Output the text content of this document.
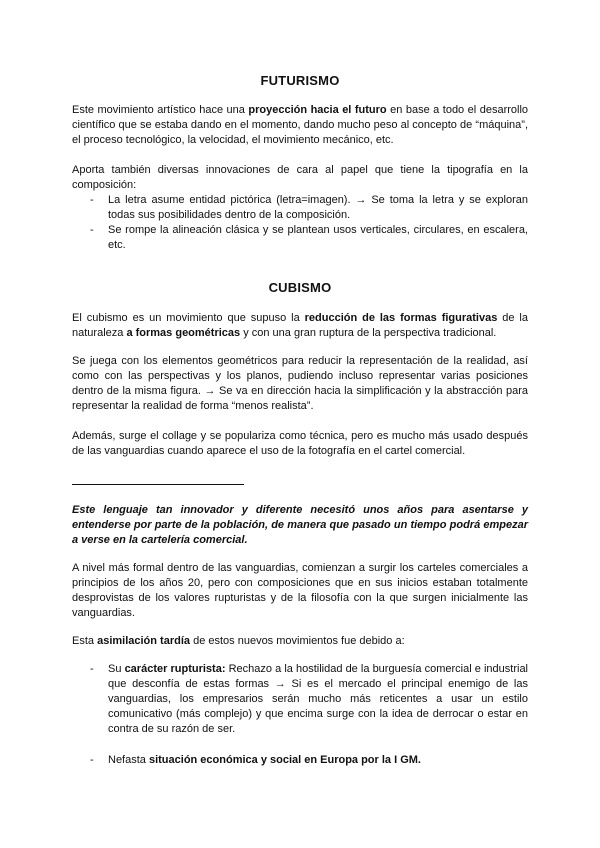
FUTURISMO

Este movimiento artístico hace una proyección hacia el futuro en base a todo el desarrollo científico que se estaba dando en el momento, dando mucho peso al concepto de “máquina”, el proceso tecnológico, la velocidad, el movimiento mecánico, etc.

Aporta también diversas innovaciones de cara al papel que tiene la tipografía en la composición:

- La letra asume entidad pictórica (letra=imagen). → Se toma la letra y se exploran todas sus posibilidades dentro de la composición.
- Se rompe la alineación clásica y se plantean usos verticales, circulares, en escalera, etc.
CUBISMO

El cubismo es un movimiento que supuso la reducción de las formas figurativas de la naturaleza a formas geométricas y con una gran ruptura de la perspectiva tradicional.

Se juega con los elementos geométricos para reducir la representación de la realidad, así como con las perspectivas y los planos, pudiendo incluso representar varias posiciones dentro de la misma figura. → Se va en dirección hacia la simplificación y la abstracción para representar la realidad de forma “menos realista”.

Además, surge el collage y se populariza como técnica, pero es mucho más usado después de las vanguardias cuando aparece el uso de la fotografía en el cartel comercial.

Este lenguaje tan innovador y diferente necesitó unos años para asentarse y entenderse por parte de la población, de manera que pasado un tiempo podrá empezar a verse en la cartelería comercial.

A nivel más formal dentro de las vanguardias, comienzan a surgir los carteles comerciales a principios de los años 20, pero con composiciones que en sus inicios estaban totalmente desprovistas de los valores rupturistas y de la filosofía con la que surgen inicialmente las vanguardias.

Esta asimilación tardía de estos nuevos movimientos fue debido a:

- Su carácter rupturista: Rechazo a la hostilidad de la burguesía comercial e industrial que desconfía de estas formas → Si es el mercado el principal enemigo de las vanguardias, los empresarios serán mucho más reticentes a usar un estilo comunicativo (más complejo) y que encima surge con la idea de derrocar o estar en contra de su razón de ser.
- Nefasta situación económica y social en Europa por la I GM.
